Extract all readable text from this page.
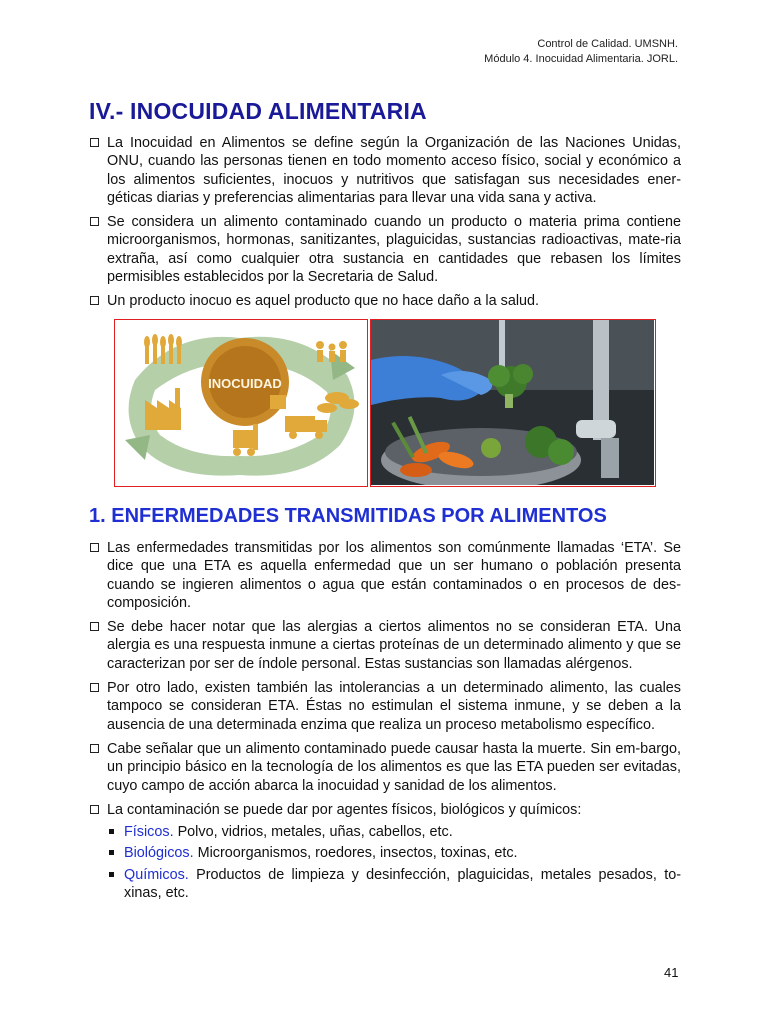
Control de Calidad. UMSNH.
Módulo 4. Inocuidad Alimentaria. JORL.
IV.- INOCUIDAD ALIMENTARIA
La Inocuidad en Alimentos se define según la Organización de las Naciones Unidas, ONU, cuando las personas tienen en todo momento acceso físico, social y económico a los alimentos suficientes, inocuos y nutritivos que satisfagan sus necesidades ener-géticas diarias y preferencias alimentarias para llevar una vida sana y activa.
Se considera un alimento contaminado cuando un producto o materia prima contiene microorganismos, hormonas, sanitizantes, plaguicidas, sustancias radioactivas, mate-ria extraña, así como cualquier otra sustancia en cantidades que rebasen los límites permisibles establecidos por la Secretaria de Salud.
Un producto inocuo es aquel producto que no hace daño a la salud.
INOCUIDAD
1. ENFERMEDADES TRANSMITIDAS POR ALIMENTOS
Las enfermedades transmitidas por los alimentos son comúnmente llamadas ‘ETA’. Se dice que una ETA es aquella enfermedad que un ser humano o población presenta cuando se ingieren alimentos o agua que están contaminados o en procesos de des-composición.
Se debe hacer notar que las alergias a ciertos alimentos no se consideran ETA. Una alergia es una respuesta inmune a ciertas proteínas de un determinado alimento y que se caracterizan por ser de índole personal. Estas sustancias son llamadas alérgenos.
Por otro lado, existen también las intolerancias a un determinado alimento, las cuales tampoco se consideran ETA. Éstas no estimulan el sistema inmune, y se deben a la ausencia de una determinada enzima que realiza un proceso metabolismo específico.
Cabe señalar que un alimento contaminado puede causar hasta la muerte. Sin em-bargo, un principio básico en la tecnología de los alimentos es que las ETA pueden ser evitadas, cuyo campo de acción abarca la inocuidad y sanidad de los alimentos.
La contaminación se puede dar por agentes físicos, biológicos y químicos:
Físicos. Polvo, vidrios, metales, uñas, cabellos, etc.
Biológicos. Microorganismos, roedores, insectos, toxinas, etc.
Químicos. Productos de limpieza y desinfección, plaguicidas, metales pesados, to-xinas, etc.
41
